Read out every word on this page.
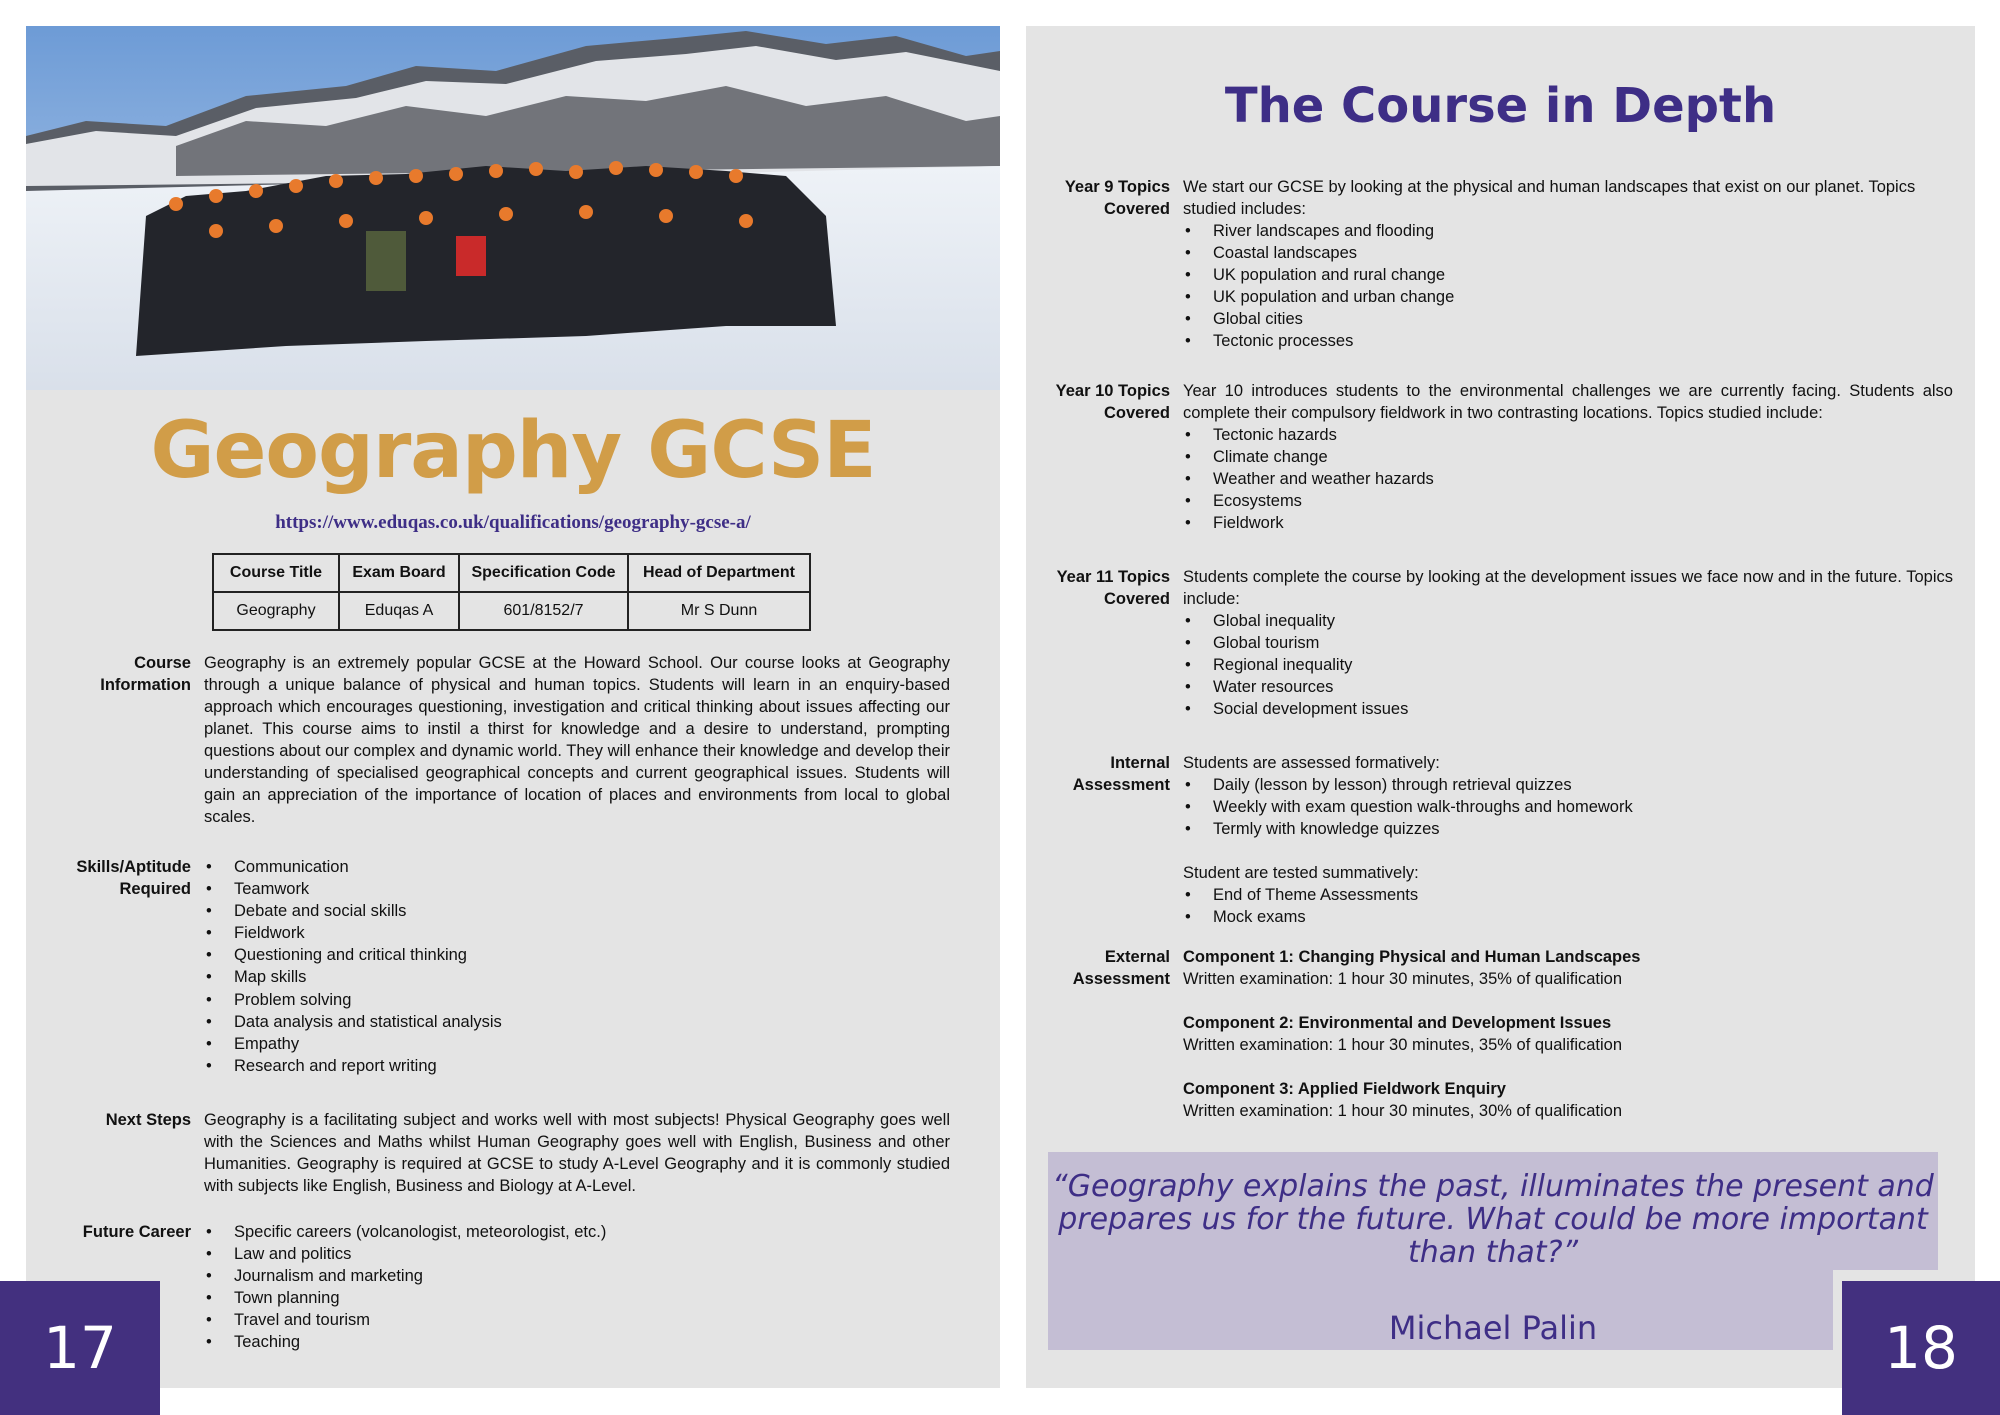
Geography GCSE
https://www.eduqas.co.uk/qualifications/geography-gcse-a/
Course Title	Exam Board	Specification Code	Head of Department
Geography	Eduqas A	601/8152/7	Mr S Dunn
Course
Information
Geography is an extremely popular GCSE at the Howard School. Our course looks at Geography through a unique balance of physical and human topics. Students will learn in an enquiry-based approach which encourages questioning, investigation and critical thinking about issues affecting our planet. This course aims to instil a thirst for knowledge and a desire to understand, prompting questions about our complex and dynamic world. They will enhance their knowledge and develop their understanding of specialised geographical concepts and current geographical issues. Students will gain an appreciation of the importance of location of places and environments from local to global scales.
Skills/Aptitude
Required
• Communication
• Teamwork
• Debate and social skills
• Fieldwork
• Questioning and critical thinking
• Map skills
• Problem solving
• Data analysis and statistical analysis
• Empathy
• Research and report writing
Next Steps Geography is a facilitating subject and works well with most subjects! Physical Geography goes well with the Sciences and Maths whilst Human Geography goes well with English, Business and other Humanities. Geography is required at GCSE to study A-Level Geography and it is commonly studied with subjects like English, Business and Biology at A-Level.
Future Career	• Specific careers (volcanologist, meteorologist, etc.)
• Law and politics
• Journalism and marketing
• Town planning
• Travel and tourism
• Teaching
The Course in Depth
Year 9 Topics
Covered
We start our GCSE by looking at the physical and human landscapes that exist on our planet. Topics studied includes:
• River landscapes and flooding
• Coastal landscapes
• UK population and rural change
• UK population and urban change
• Global cities
• Tectonic processes
Year 10 Topics
Covered
Year 10 introduces students to the environmental challenges we are currently facing. Students also complete their compulsory fieldwork in two contrasting locations. Topics studied include:
• Tectonic hazards
• Climate change
• Weather and weather hazards
• Ecosystems
• Fieldwork
Year 11 Topics
Covered
Students complete the course by looking at the development issues we face now and in the future. Topics include:
• Global inequality
• Global tourism
• Regional inequality
• Water resources
• Social development issues
Internal
Assessment
Students are assessed formatively:
• Daily (lesson by lesson) through retrieval quizzes
• Weekly with exam question walk-throughs and homework
• Termly with knowledge quizzes
Student are tested summatively:
• End of Theme Assessments
• Mock exams
External
Assessment
Component 1: Changing Physical and Human Landscapes
Written examination: 1 hour 30 minutes, 35% of qualification
Component 2: Environmental and Development Issues
Written examination: 1 hour 30 minutes, 35% of qualification
Component 3: Applied Fieldwork Enquiry
Written examination: 1 hour 30 minutes, 30% of qualification
“Geography explains the past, illuminates the present and prepares us for the future. What could be more important than that?”
Michael Palin
17	18
